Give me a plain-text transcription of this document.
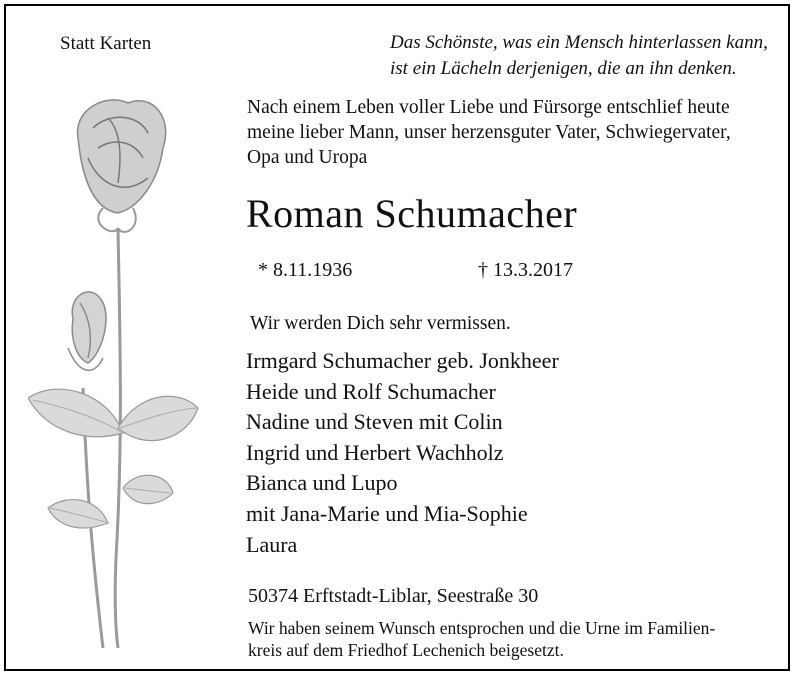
Statt Karten	Das Schönste, was ein Mensch hinterlassen kann,
ist ein Lächeln derjenigen, die an ihn denken.
Nach einem Leben voller Liebe und Fürsorge entschlief heute
meine lieber Mann, unser herzensguter Vater, Schwiegervater,
Opa und Uropa
Roman Schumacher
* 8.11.1936	† 13.3.2017
Wir werden Dich sehr vermissen.
Irmgard Schumacher geb. Jonkheer
Heide und Rolf Schumacher
Nadine und Steven mit Colin
Ingrid und Herbert Wachholz
Bianca und Lupo
mit Jana-Marie und Mia-Sophie
Laura
50374 Erftstadt-Liblar, Seestraße 30
Wir haben seinem Wunsch entsprochen und die Urne im Familien-
kreis auf dem Friedhof Lechenich beigesetzt.
